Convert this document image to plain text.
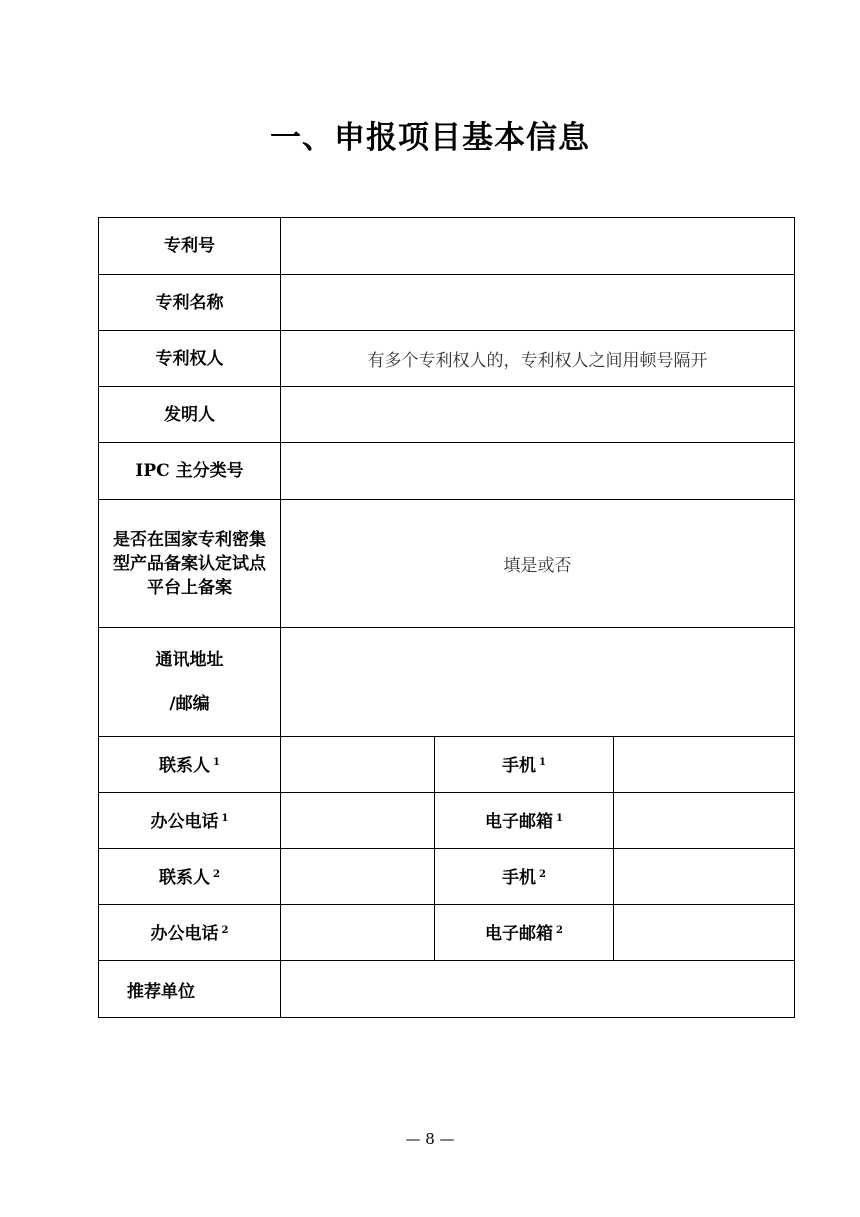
一、申报项目基本信息
专利号			
专利名称			
专利权人	有多个专利权人的，专利权人之间用顿号隔开		
发明人			
IPC 主分类号			
是否在国家专利密集型产品备案认定试点平台上备案	填是或否		

通讯地址
/邮编			

联系人 $^1$		手机 $^1$	
办公电话 $^1$		电子邮箱 $^1$	
联系人 $^2$		手机 $^2$	
办公电话 $^2$		电子邮箱 $^2$	
推荐单位			
— 8 —
